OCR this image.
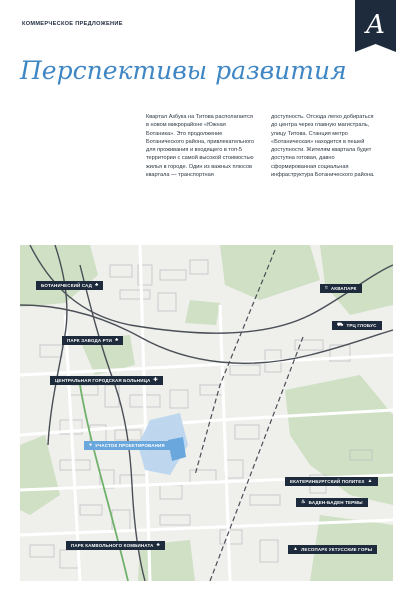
КОММЕРЧЕСКОЕ ПРЕДЛОЖЕНИЕ	A
Перспективы развития
Квартал Азбука на Титова располагается в новом микрорайоне «Южная Ботаника». Это продолжение Ботанического района, привлекательного для проживания и входящего в топ-5 территории с самой высокой стоимостью жилья в городе. Один из важных плюсов квартала — транспортная
доступность. Отсюда легко добираться до центра через главную магистраль, улицу Титова. Станция метро «Ботаническая» находится в пешей доступности. Жителям квартала будет доступна готовая, давно сформированная социальная инфраструктура Ботанического района.
БОТАНИЧЕСКИЙ САД ♣	≈ АКВАПАРК
⛟ ТРЦ ГЛОБУС
ПАРК ЗАВОДА РТИ ♣
ЦЕНТРАЛЬНАЯ ГОРОДСКАЯ БОЛЬНИЦА ✚
● УЧАСТОК ПРОЕКТИРОВАНИЯ
ЕКАТЕРИНБУРГСКИЙ ПОЛИТЕХ ▲
♨ БАДЕН-БАДЕН ТЕРМЫ
ПАРК КАМВОЛЬНОГО КОМБИНАТА ♣
▲ ЛЕСОПАРК УКТУССКИЕ ГОРЫ
